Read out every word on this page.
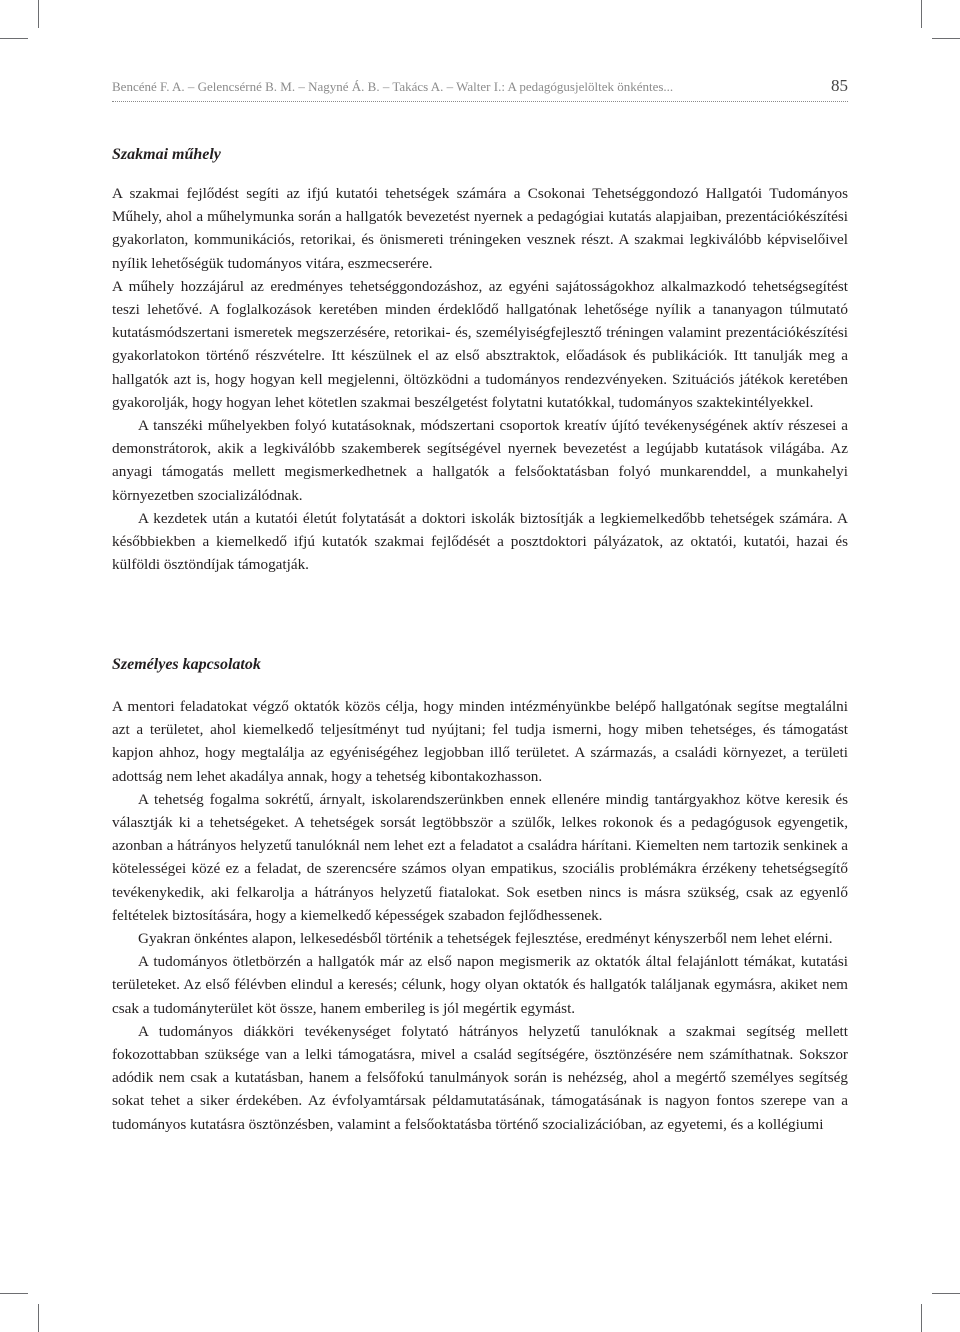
Bencéné F. A. – Gelencsérné B. M. – Nagyné Á. B. – Takács A. – Walter I.: A pedagógusjelöltek önkéntes...	85
Szakmai műhely

A szakmai fejlődést segíti az ifjú kutatói tehetségek számára a Csokonai Tehetséggondozó Hallgatói Tudományos Műhely, ahol a műhelymunka során a hallgatók bevezetést nyernek a pedagógiai kutatás alapjaiban, prezentációkészítési gyakorlaton, kommunikációs, retorikai, és önismereti tréningeken vesznek részt. A szakmai legkiválóbb képviselőivel nyílik lehetőségük tudományos vitára, eszmecserére.

A műhely hozzájárul az eredményes tehetséggondozáshoz, az egyéni sajátosságokhoz alkalmazkodó tehetségsegítést teszi lehetővé. A foglalkozások keretében minden érdeklődő hallgatónak lehetősége nyílik a tananyagon túlmutató kutatásmódszertani ismeretek megszerzésére, retorikai- és, személyiségfejlesztő tréningen valamint prezentációkészítési gyakorlatokon történő részvételre. Itt készülnek el az első absztraktok, előadások és publikációk. Itt tanulják meg a hallgatók azt is, hogy hogyan kell megjelenni, öltözködni a tudományos rendezvényeken. Szituációs játékok keretében gyakorolják, hogy hogyan lehet kötetlen szakmai beszélgetést folytatni kutatókkal, tudományos szaktekintélyekkel.

A tanszéki műhelyekben folyó kutatásoknak, módszertani csoportok kreatív újító tevékenységének aktív részesei a demonstrátorok, akik a legkiválóbb szakemberek segítségével nyernek bevezetést a legújabb kutatások világába. Az anyagi támogatás mellett megismerkedhetnek a hallgatók a felsőoktatásban folyó munkarenddel, a munkahelyi környezetben szocializálódnak.

A kezdetek után a kutatói életút folytatását a doktori iskolák biztosítják a legkiemelkedőbb tehetségek számára. A későbbiekben a kiemelkedő ifjú kutatók szakmai fejlődését a posztdoktori pályázatok, az oktatói, kutatói, hazai és külföldi ösztöndíjak támogatják.

Személyes kapcsolatok

A mentori feladatokat végző oktatók közös célja, hogy minden intézményünkbe belépő hallgatónak segítse megtalálni azt a területet, ahol kiemelkedő teljesítményt tud nyújtani; fel tudja ismerni, hogy miben tehetséges, és támogatást kapjon ahhoz, hogy megtalálja az egyéniségéhez legjobban illő területet. A származás, a családi környezet, a területi adottság nem lehet akadálya annak, hogy a tehetség kibontakozhasson.

A tehetség fogalma sokrétű, árnyalt, iskolarendszerünkben ennek ellenére mindig tantárgyakhoz kötve keresik és választják ki a tehetségeket. A tehetségek sorsát legtöbbször a szülők, lelkes rokonok és a pedagógusok egyengetik, azonban a hátrányos helyzetű tanulóknál nem lehet ezt a feladatot a családra hárítani. Kiemelten nem tartozik senkinek a kötelességei közé ez a feladat, de szerencsére számos olyan empatikus, szociális problémákra érzékeny tehetségsegítő tevékenykedik, aki felkarolja a hátrányos helyzetű fiatalokat. Sok esetben nincs is másra szükség, csak az egyenlő feltételek biztosítására, hogy a kiemelkedő képességek szabadon fejlődhessenek.

Gyakran önkéntes alapon, lelkesedésből történik a tehetségek fejlesztése, eredményt kényszerből nem lehet elérni.

A tudományos ötletbörzén a hallgatók már az első napon megismerik az oktatók által felajánlott témákat, kutatási területeket. Az első félévben elindul a keresés; célunk, hogy olyan oktatók és hallgatók találjanak egymásra, akiket nem csak a tudományterület köt össze, hanem emberileg is jól megértik egymást.

A tudományos diákköri tevékenységet folytató hátrányos helyzetű tanulóknak a szakmai segítség mellett fokozottabban szüksége van a lelki támogatásra, mivel a család segítségére, ösztönzésére nem számíthatnak. Sokszor adódik nem csak a kutatásban, hanem a felsőfokú tanulmányok során is nehézség, ahol a megértő személyes segítség sokat tehet a siker érdekében. Az évfolyamtársak példamutatásának, támogatásának is nagyon fontos szerepe van a tudományos kutatásra ösztönzésben, valamint a felsőoktatásba történő szocializációban, az egyetemi, és a kollégiumi
